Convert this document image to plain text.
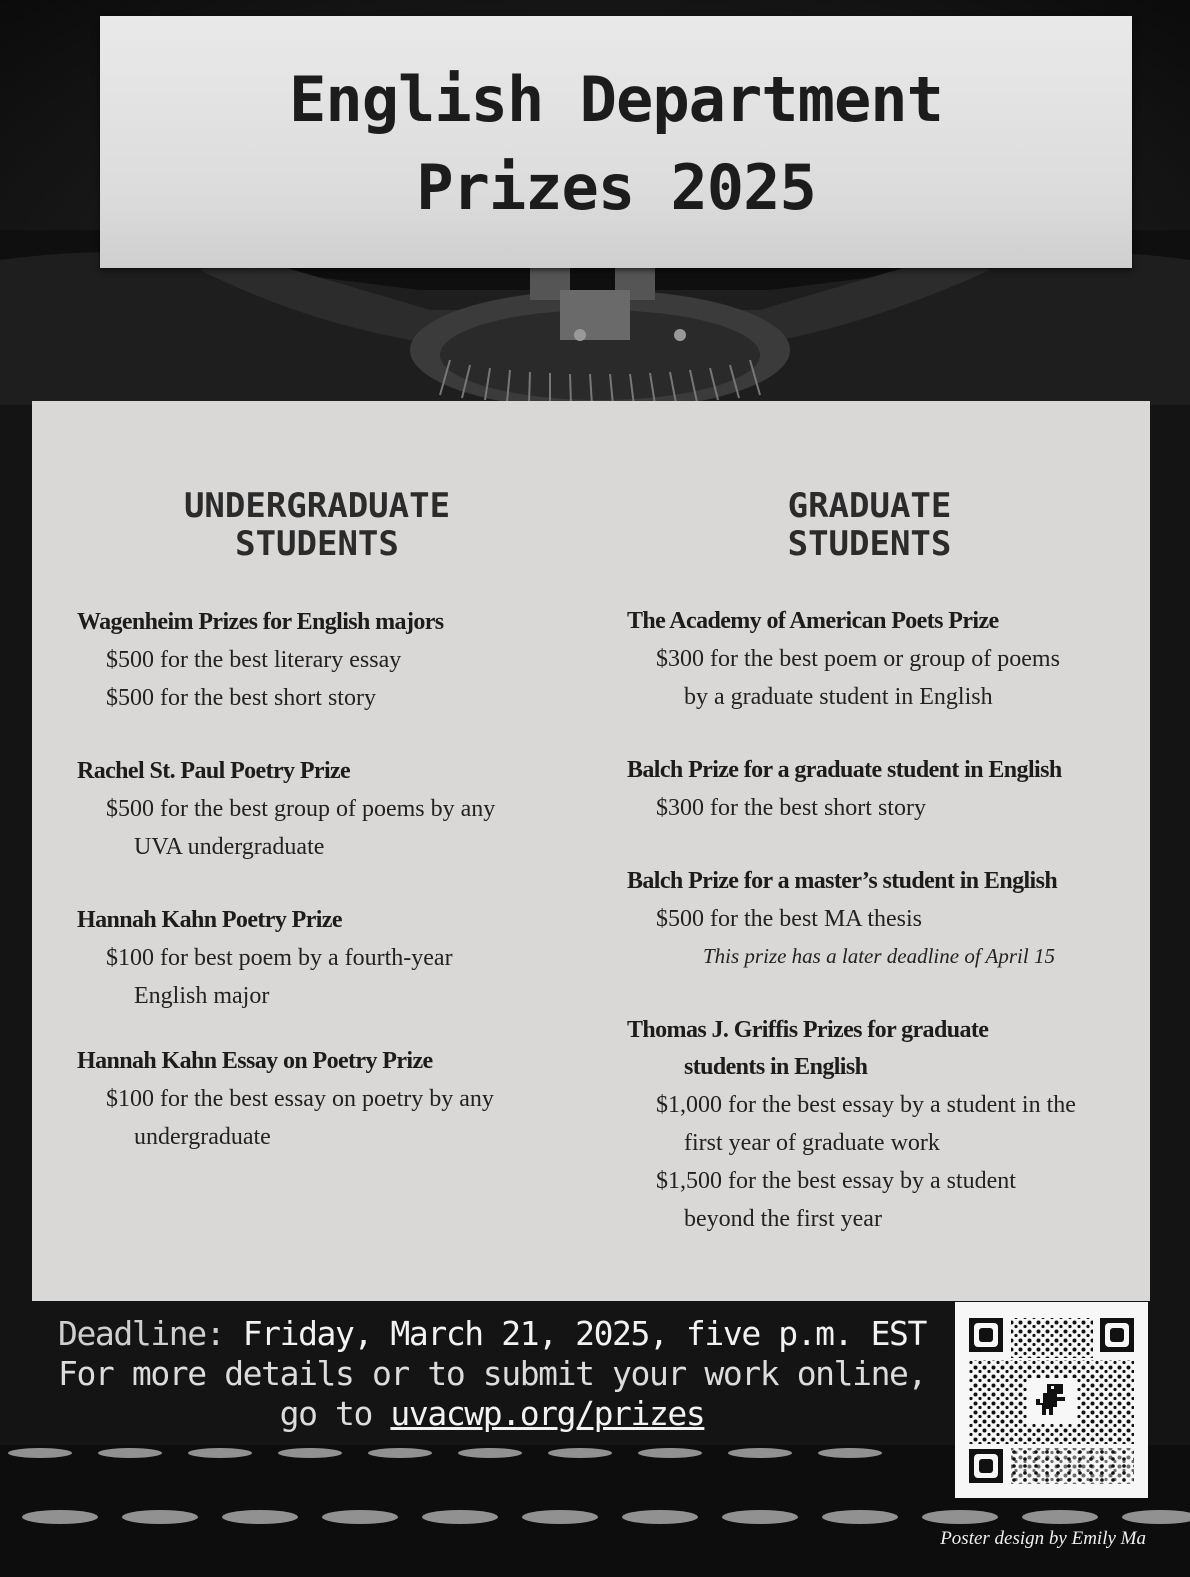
English Department
Prizes 2025
UNDERGRADUATE
STUDENTS
Wagenheim Prizes for English majors
$500 for the best literary essay
$500 for the best short story
Rachel St. Paul Poetry Prize
$500 for the best group of poems by any
UVA undergraduate
Hannah Kahn Poetry Prize
$100 for best poem by a fourth-year
English major
Hannah Kahn Essay on Poetry Prize
$100 for the best essay on poetry by any
undergraduate
GRADUATE
STUDENTS
The Academy of American Poets Prize
$300 for the best poem or group of poems
by a graduate student in English
Balch Prize for a graduate student in English
$300 for the best short story
Balch Prize for a master’s student in English
$500 for the best MA thesis
This prize has a later deadline of April 15
Thomas J. Griffis Prizes for graduate
students in English
$1,000 for the best essay by a student in the
first year of graduate work
$1,500 for the best essay by a student
beyond the first year
Deadline: Friday, March 21, 2025, five p.m. EST
For more details or to submit your work online,
go to uvacwp.org/prizes
Poster design by Emily Ma
